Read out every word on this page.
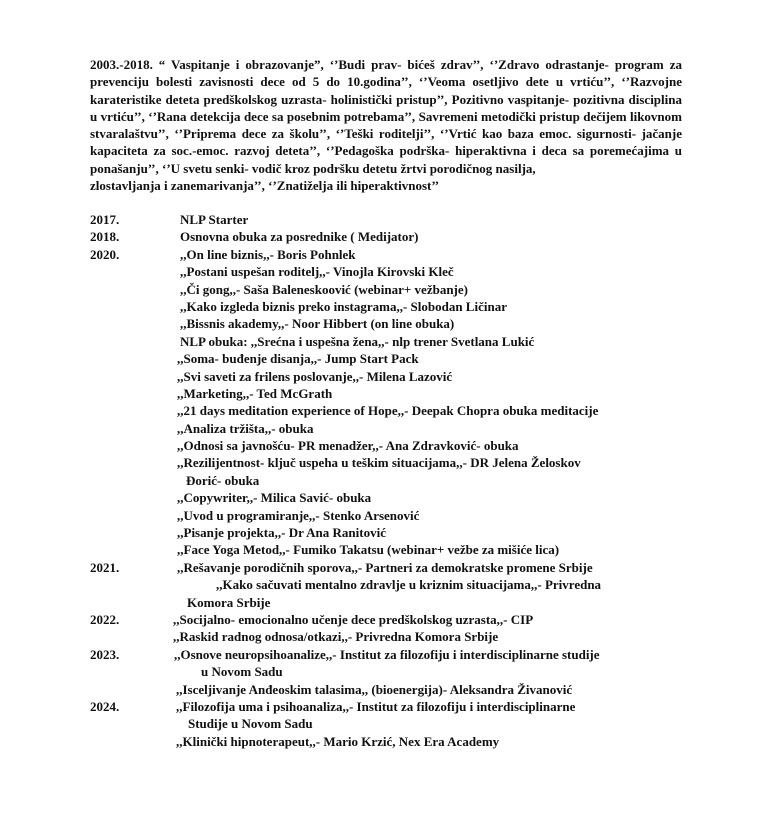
2003.-2018. “ Vaspitanje i obrazovanje”, ‘’Budi prav- bićeš zdrav’’, ‘’Zdravo odrastanje- program za prevenciju bolesti zavisnosti dece od 5 do 10.godina’’, ‘’Veoma osetljivo dete u vrtiću’’, ‘’Razvojne karateristike deteta predškolskog uzrasta- holinistički pristup’’, Pozitivno vaspitanje- pozitivna disciplina u vrtiću’’, ‘’Rana detekcija dece sa posebnim potrebama’’, Savremeni metodički pristup dečijem likovnom stvaralaštvu’’, ‘’Priprema dece za školu’’, ‘’Teški roditelji’’, ‘’Vrtić kao baza emoc. sigurnosti- jačanje kapaciteta za soc.-emoc. razvoj deteta’’, ‘’Pedagoška podrška- hiperaktivna i deca sa poremećajima u ponašanju’’, ‘’U svetu senki- vodič kroz podršku detetu žrtvi porodičnog nasilja,
zlostavljanja i zanemarivanja’’, ‘’Znatiželja ili hiperaktivnost’’
2017.	NLP Starter
2018.	Osnovna obuka za posrednike ( Medijator)
2020.	,,On line biznis,,- Boris Pohnlek
,,Postani uspešan roditelj,,- Vinojla Kirovski Kleč
,,Či gong,,- Saša Baleneskoović (webinar+ vežbanje)
,,Kako izgleda biznis preko instagrama,,- Slobodan Ličinar
,,Bissnis akademy,,- Noor Hibbert (on line obuka)
NLP obuka: ,,Srećna i uspešna žena,,- nlp trener Svetlana Lukić
,,Soma- buđenje disanja,,- Jump Start Pack
,,Svi saveti za frilens poslovanje,,- Milena Lazović
,,Marketing,,- Ted McGrath
,,21 days meditation experience of Hope,,- Deepak Chopra obuka meditacije
,,Analiza tržišta,,- obuka
,,Odnosi sa javnošću- PR menadžer,,- Ana Zdravković- obuka
,,Rezilijentnost- ključ uspeha u teškim situacijama,,- DR Jelena Želoskov
Đorić- obuka
,,Copywriter,,- Milica Savić- obuka
,,Uvod u programiranje,,- Stenko Arsenović
,,Pisanje projekta,,- Dr Ana Ranitović
,,Face Yoga Metod,,- Fumiko Takatsu (webinar+ vežbe za mišiće lica)
2021.	,,Rešavanje porodičnih sporova,,- Partneri za demokratske promene Srbije
,,Kako sačuvati mentalno zdravlje u kriznim situacijama,,- Privredna
Komora Srbije
2022.	,,Socijalno- emocionalno učenje dece predškolskog uzrasta,,- CIP
,,Raskid radnog odnosa/otkazi,,- Privredna Komora Srbije
2023.	,,Osnove neuropsihoanalize,,- Institut za filozofiju i interdisciplinarne studije
u Novom Sadu
,,Isceljivanje Anđeoskim talasima,, (bioenergija)- Aleksandra Živanović
2024.	,,Filozofija uma i psihoanaliza,,- Institut za filozofiju i interdisciplinarne
Studije u Novom Sadu
,,Klinički hipnoterapeut,,- Mario Krzić, Nex Era Academy
